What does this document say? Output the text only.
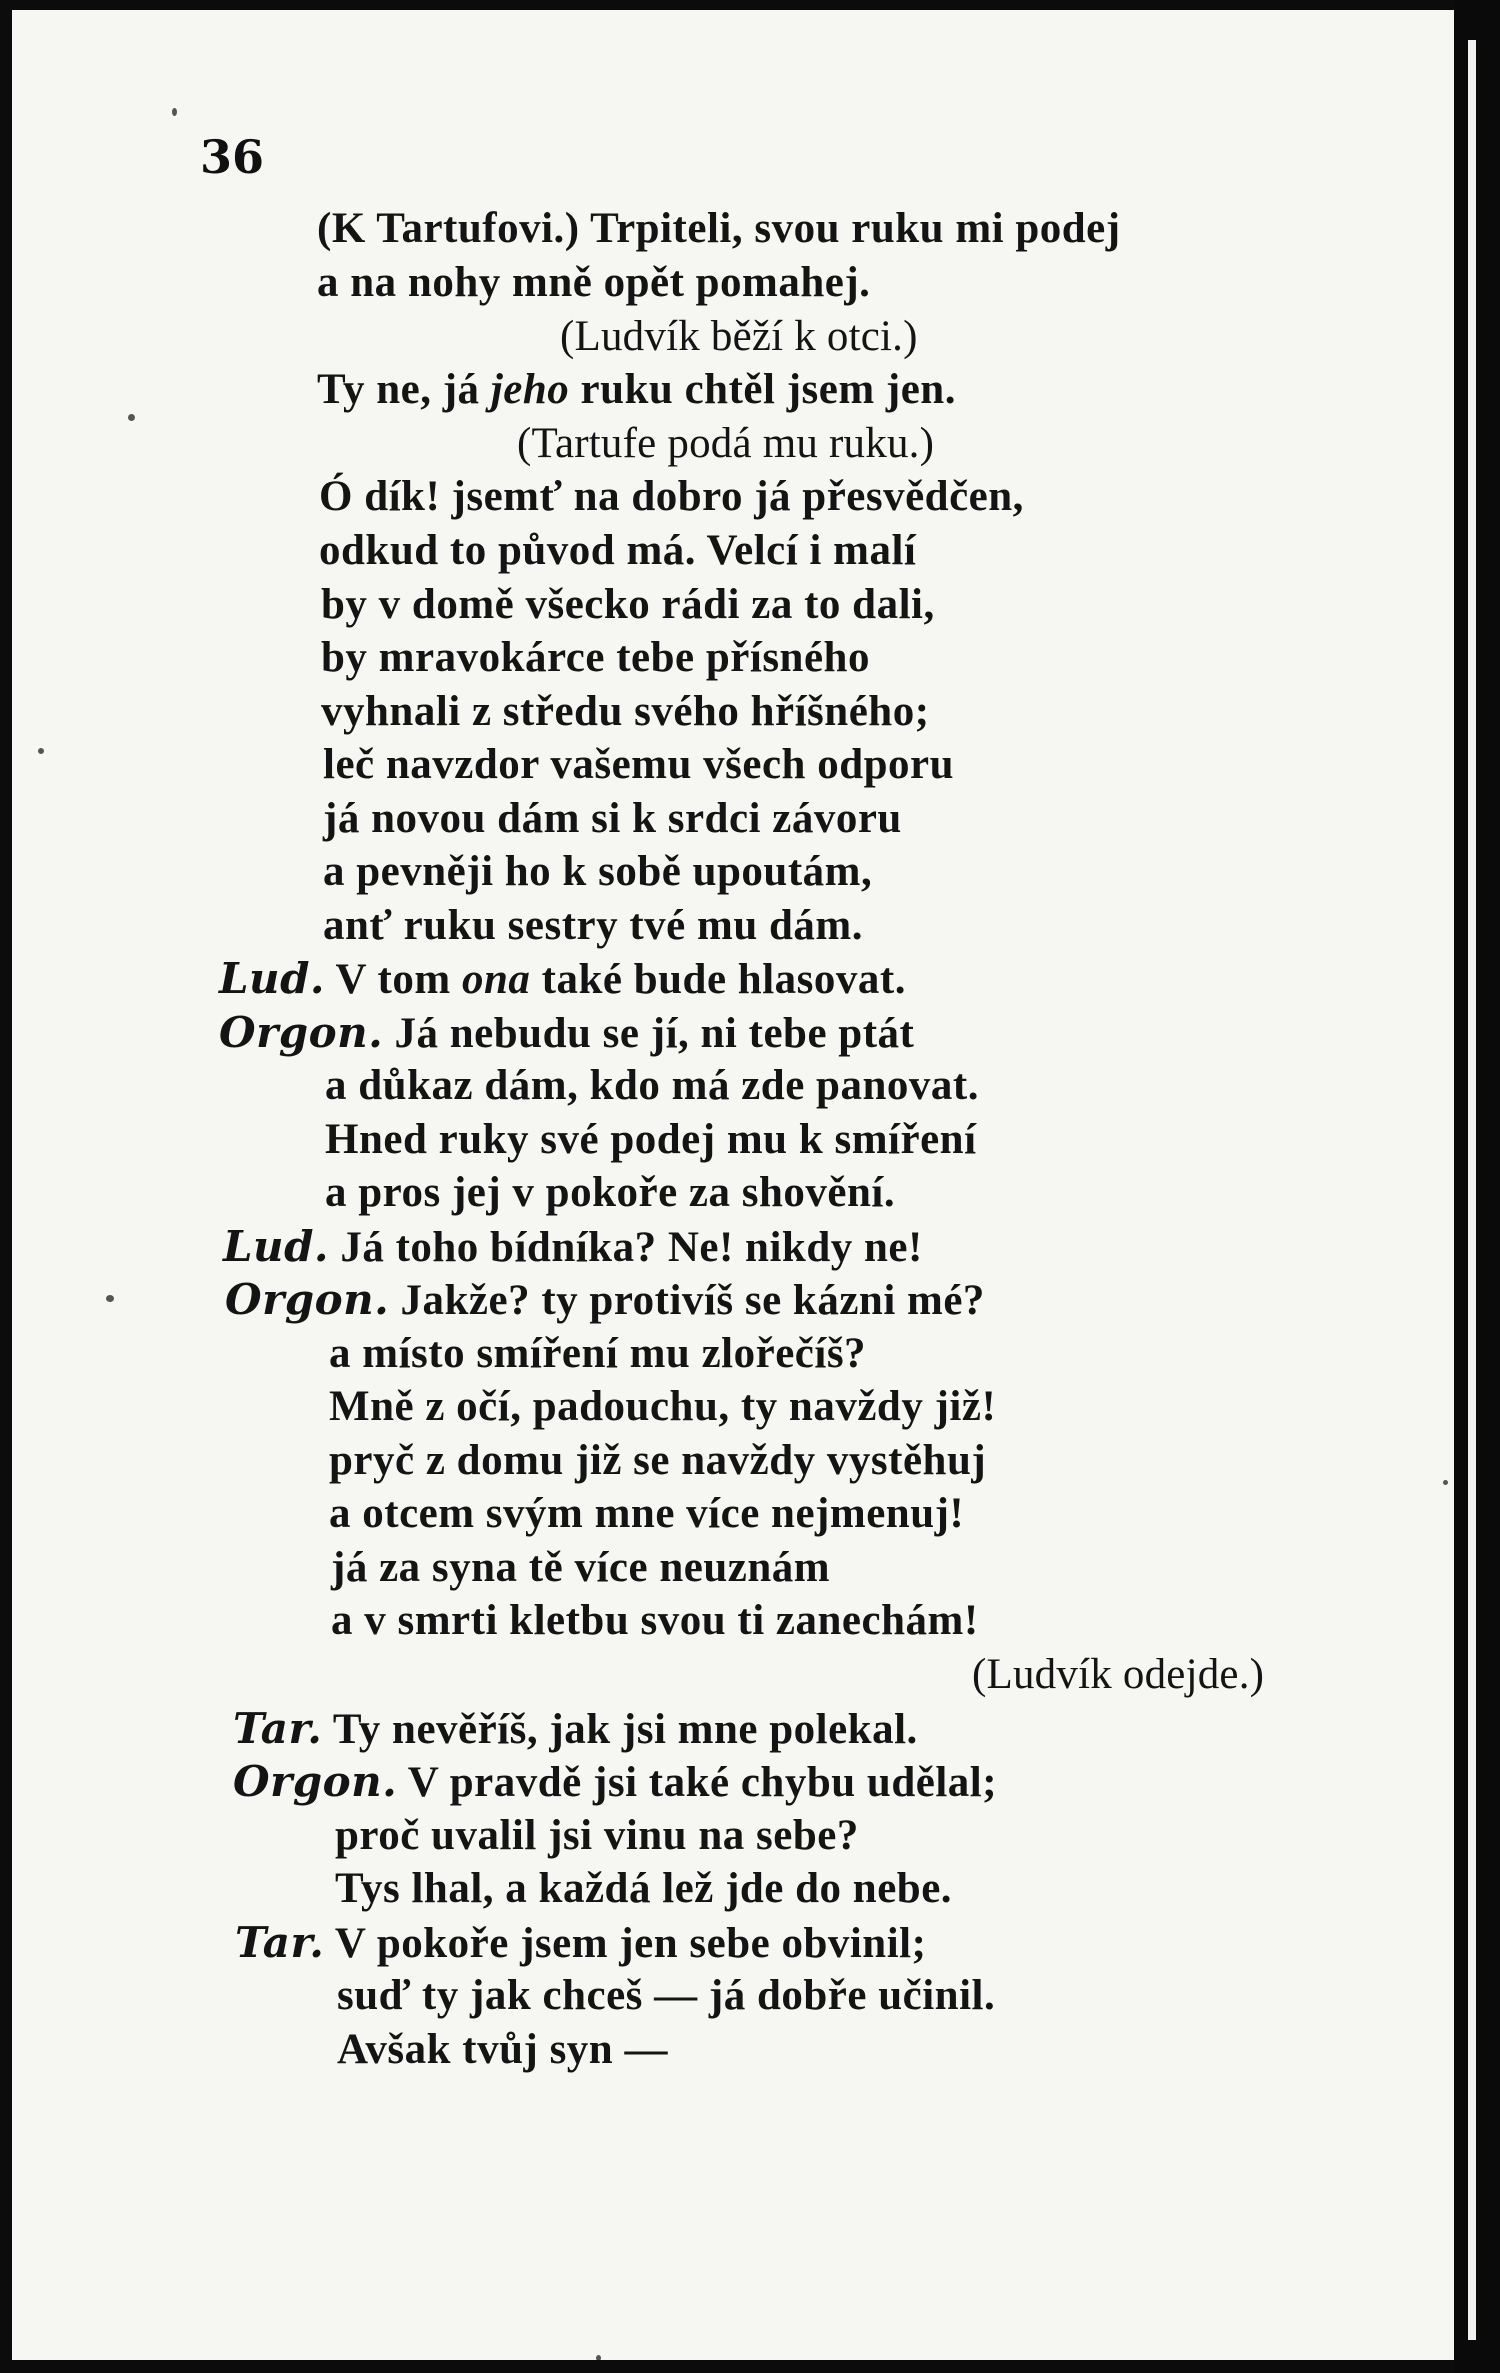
36

(K Tartufovi.) Trpiteli, svou ruku mi podej

a na nohy mně opět pomahej.

(Ludvík běží k otci.)

Ty ne, já jeho ruku chtěl jsem jen.

(Tartufe podá mu ruku.)

Ó dík! jsemť na dobro já přesvědčen,

odkud to původ má. Velcí i malí

by v domě všecko rádi za to dali,

by mravokárce tebe přísného

vyhnali z středu svého hříšného;

leč navzdor vašemu všech odporu

já novou dám si k srdci závoru

a pevněji ho k sobě upoutám,

anť ruku sestry tvé mu dám.

Lud. V tom ona také bude hlasovat.

Orgon. Já nebudu se jí, ni tebe ptát

a důkaz dám, kdo má zde panovat.

Hned ruky své podej mu k smíření

a pros jej v pokoře za shovění.

Lud. Já toho bídníka? Ne! nikdy ne!

Orgon. Jakže? ty protivíš se kázni mé?

a místo smíření mu zlořečíš?

Mně z očí, padouchu, ty navždy již!

pryč z domu již se navždy vystěhuj

a otcem svým mne více nejmenuj!

já za syna tě více neuznám

a v smrti kletbu svou ti zanechám!

(Ludvík odejde.)

Tar. Ty nevěříš, jak jsi mne polekal.

Orgon. V pravdě jsi také chybu udělal;

proč uvalil jsi vinu na sebe?

Tys lhal, a každá lež jde do nebe.

Tar. V pokoře jsem jen sebe obvinil;

suď ty jak chceš — já dobře učinil.

Avšak tvůj syn —
